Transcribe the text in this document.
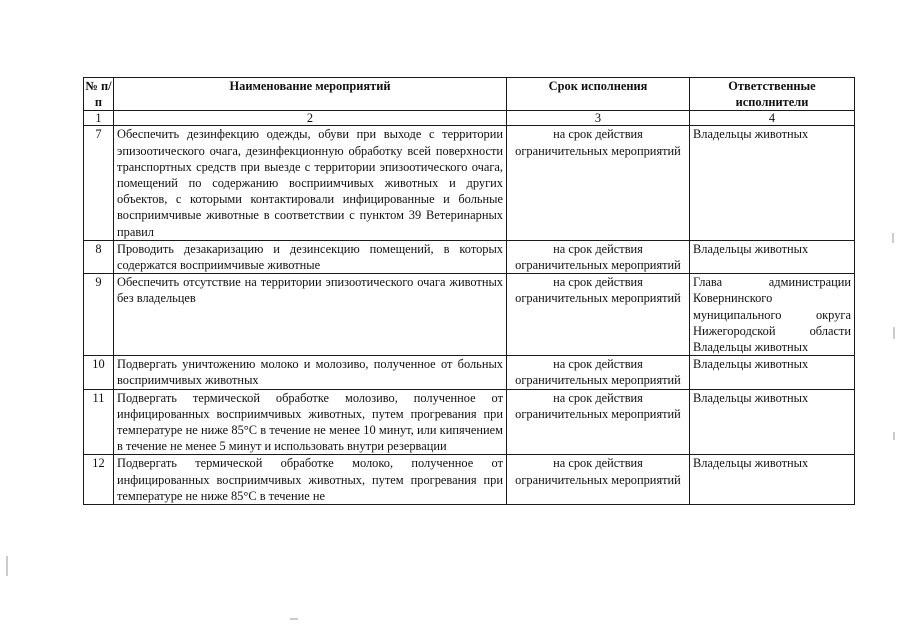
№ п/п	Наименование мероприятий	Срок исполнения	Ответственные исполнители
1	2	3	4
7	Обеспечить дезинфекцию одежды, обуви при выходе с территории эпизоотического очага, дезинфекционную обработку всей поверхности транспортных средств при выезде с территории эпизоотического очага, помещений по содержанию восприимчивых животных и других объектов, с которыми контактировали инфицированные и больные восприимчивые животные в соответствии с пунктом 39 Ветеринарных правил	на срок действия ограничительных мероприятий	Владельцы животных
8	Проводить дезакаризацию и дезинсекцию помещений, в которых содержатся восприимчивые животные	на срок действия ограничительных мероприятий	Владельцы животных
9	Обеспечить отсутствие на территории эпизоотического очага животных без владельцев	на срок действия ограничительных мероприятий	Глава администрации Ковернинского муниципального округа Нижегородской области Владельцы животных
10	Подвергать уничтожению молоко и молозиво, полученное от больных восприимчивых животных	на срок действия ограничительных мероприятий	Владельцы животных
11	Подвергать термической обработке молозиво, полученное от инфицированных восприимчивых животных, путем прогревания при температуре не ниже 85°С в течение не менее 10 минут, или кипячением в течение не менее 5 минут и использовать внутри резервации	на срок действия ограничительных мероприятий	Владельцы животных
12	Подвергать термической обработке молоко, полученное от инфицированных восприимчивых животных, путем прогревания при температуре не ниже 85°С в течение не	на срок действия ограничительных мероприятий	Владельцы животных
